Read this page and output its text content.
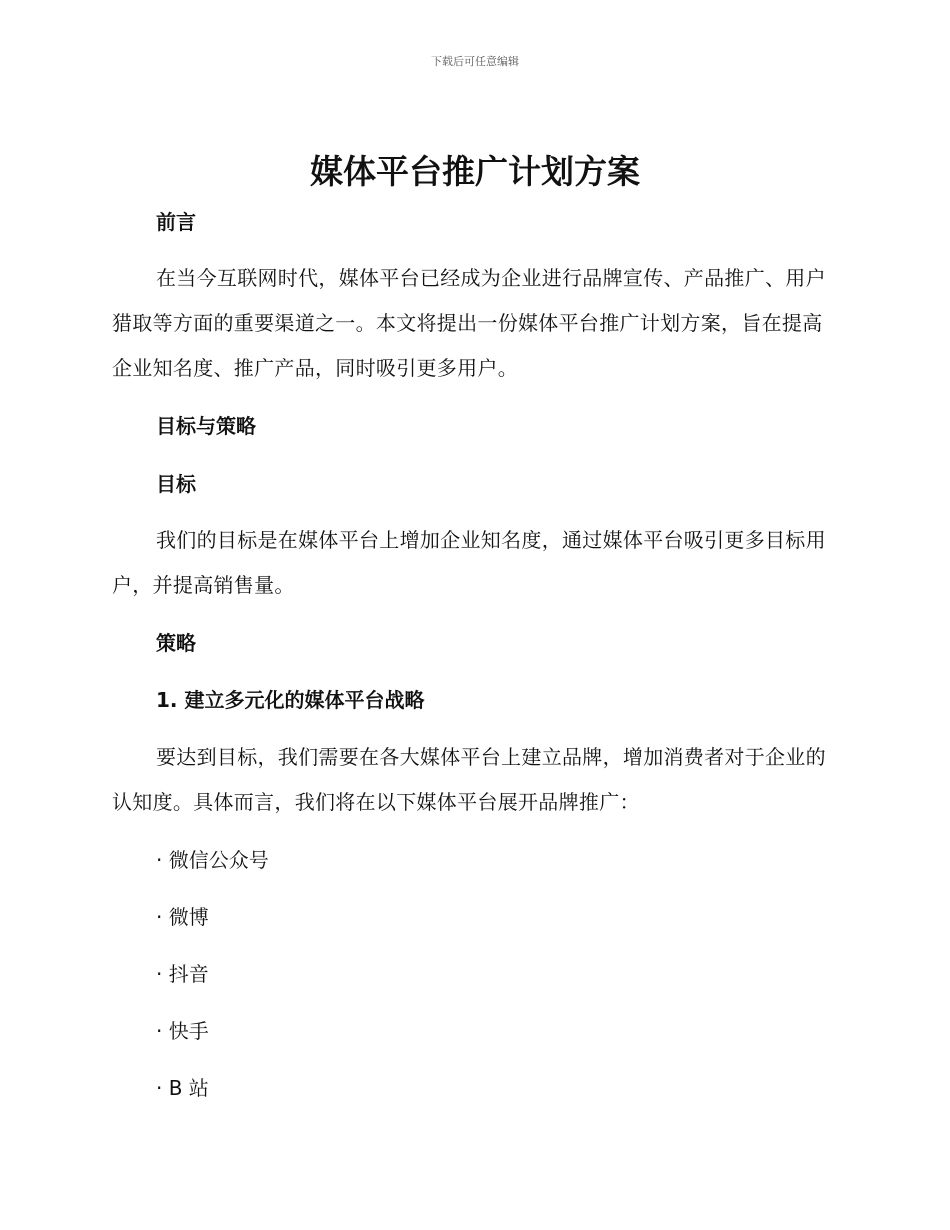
下载后可任意编辑
媒体平台推广计划方案
前言

在当今互联网时代，媒体平台已经成为企业进行品牌宣传、产品推广、用户猎取等方面的重要渠道之一。本文将提出一份媒体平台推广计划方案，旨在提高企业知名度、推广产品，同时吸引更多用户。

目标与策略
目标

我们的目标是在媒体平台上增加企业知名度，通过媒体平台吸引更多目标用户，并提高销售量。

策略
1. 建立多元化的媒体平台战略

要达到目标，我们需要在各大媒体平台上建立品牌，增加消费者对于企业的认知度。具体而言，我们将在以下媒体平台展开品牌推广：

· 微信公众号

· 微博

· 抖音

· 快手

· B 站
